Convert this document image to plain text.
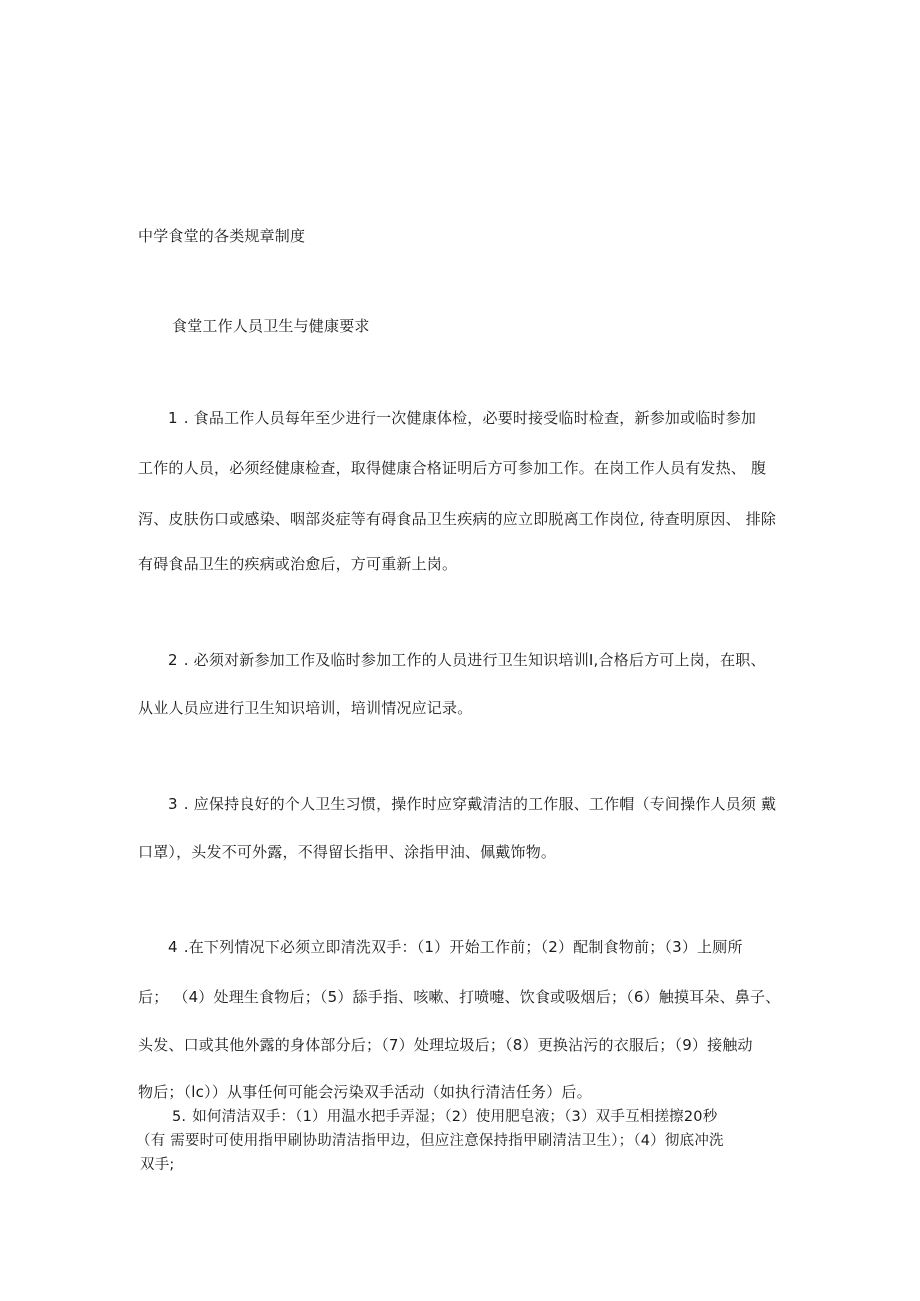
中学食堂的各类规章制度
食堂工作人员卫生与健康要求
1 . 食品工作人员每年至少进行一次健康体检，必要时接受临时检查，新参加或临时参加
工作的人员，必须经健康检查，取得健康合格证明后方可参加工作。在岗工作人员有发热、 腹
泻、皮肤伤口或感染、咽部炎症等有碍食品卫生疾病的应立即脱离工作岗位, 待查明原因、 排除
有碍食品卫生的疾病或治愈后，方可重新上岗。
2 . 必须对新参加工作及临时参加工作的人员进行卫生知识培训I,合格后方可上岗，在职、
从业人员应进行卫生知识培训，培训情况应记录。
3 . 应保持良好的个人卫生习惯，操作时应穿戴清洁的工作服、工作帽（专间操作人员须 戴
口罩），头发不可外露，不得留长指甲、涂指甲油、佩戴饰物。
4 .在下列情况下必须立即清洗双手：（1）开始工作前；（2）配制食物前；（3）上厕所
后； （4）处理生食物后；（5）舔手指、咳嗽、打喷嚏、饮食或吸烟后；（6）触摸耳朵、鼻子、
头发、口或其他外露的身体部分后；（7）处理垃圾后；（8）更换沾污的衣服后；（9）接触动
物后；（lc））从事任何可能会污染双手活动（如执行清洁任务）后。
5. 如何清洁双手：（1）用温水把手弄湿；（2）使用肥皂液；（3）双手互相搓擦20秒
（有 需要时可使用指甲刷协助清洁指甲边，但应注意保持指甲刷清洁卫生）；（4）彻底冲洗
双手;
